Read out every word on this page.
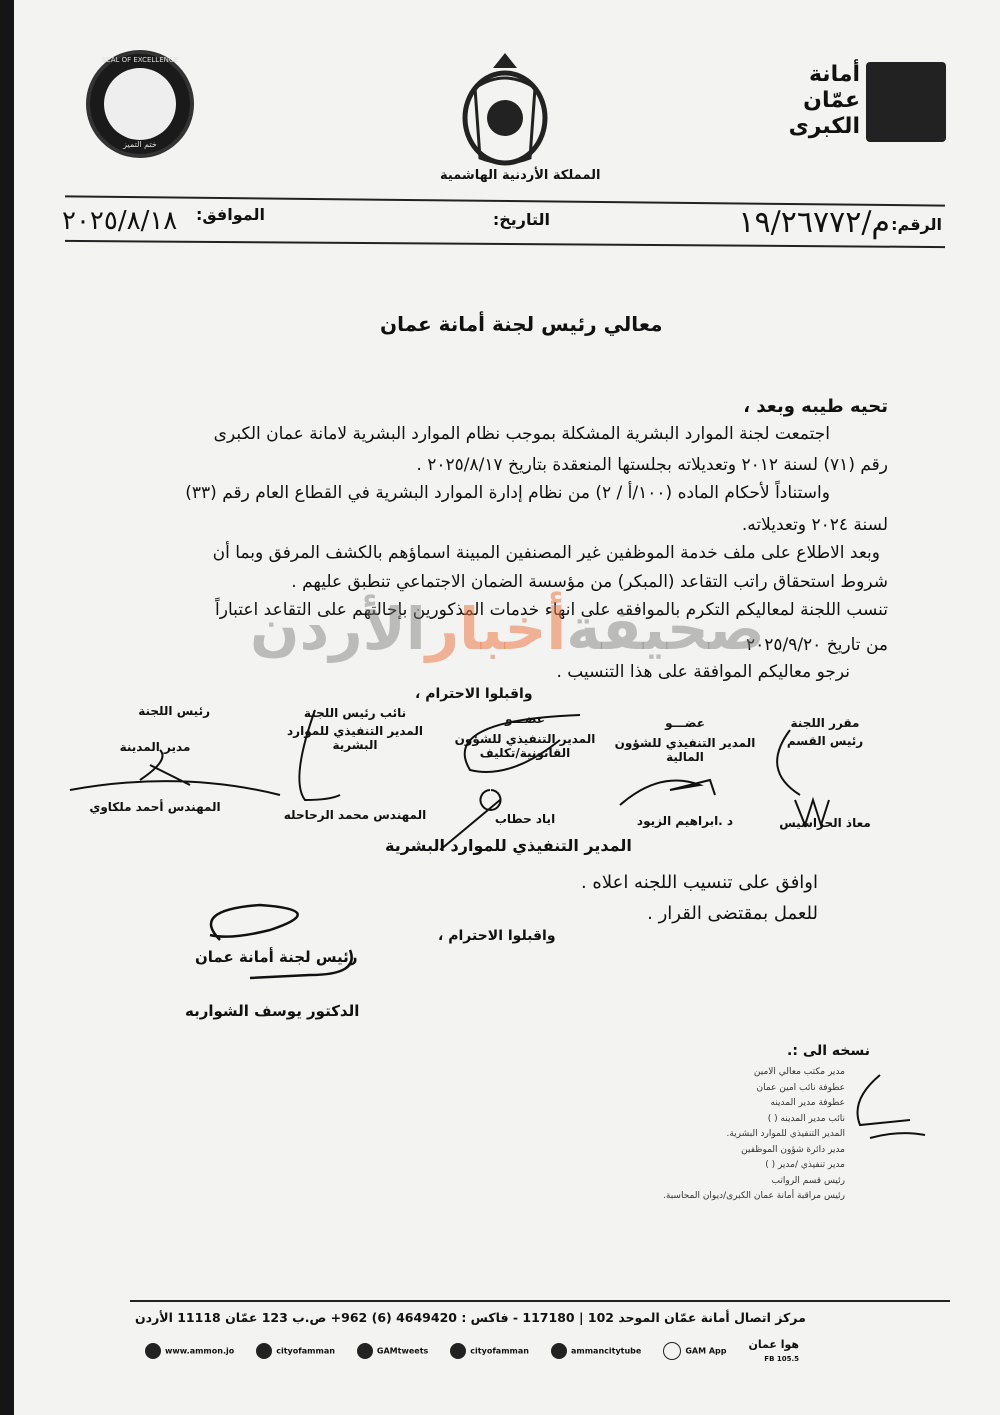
أمانة
عمّان
الكبرى
المملكة الأردنية الهاشمية
SEAL OF EXCELLENCE
ختم التميز
الرقم:
م/١٩/٢٦٧٧٢
التاريخ:
الموافق:
٢٠٢٥/٨/١٨
معالي رئيس لجنة أمانة عمان
تحيه طيبه وبعد ،
اجتمعت لجنة الموارد البشرية المشكلة بموجب نظام الموارد البشرية لامانة عمان الكبرى
رقم (٧١) لسنة ٢٠١٢ وتعديلاته بجلستها المنعقدة بتاريخ ٢٠٢٥/٨/١٧ .
واستناداً لأحكام الماده (١٠٠/أ / ٢) من نظام إدارة الموارد البشرية في القطاع العام رقم (٣٣)
لسنة ٢٠٢٤ وتعديلاته.
وبعد الاطلاع على ملف خدمة الموظفين غير المصنفين المبينة اسماؤهم بالكشف المرفق وبما أن
شروط استحقاق راتب التقاعد (المبكر) من مؤسسة الضمان الاجتماعي تنطبق عليهم .
تنسب اللجنة لمعاليكم التكرم بالموافقه على انهاء خدمات المذكورين بإحالتهم على التقاعد اعتباراً
من تاريخ ٢٠٢٥/٩/٢٠
نرجو معاليكم الموافقة على هذا التنسيب .
صحيفةأخبارالأردن
واقبلوا الاحترام ،
مقرر اللجنة
رئيس القسم
معاذ الحراسيس
عضـــو
المدير التنفيذي للشؤون المالية
د .ابراهيم الزيود
عضـــو
المدير التنفيذي للشؤون القانونية/تكليف
اياد حطاب
نائب رئيس اللجنة
المدير التنفيذي للموارد البشرية
المهندس محمد الرحاحله
رئيس اللجنة
مدير المدينة
المهندس أحمد ملكاوي
المدير التنفيذي للموارد البشرية
اوافق على تنسيب اللجنه اعلاه .
للعمل بمقتضى القرار .
واقبلوا الاحترام ،
رئيس لجنة أمانة عمان
الدكتور يوسف الشواربه
نسخه الى :.
مدير مكتب معالي الامين
عطوفة نائب امين عمان
عطوفة مدير المدينه
نائب مدير المدينه ( )
المدير التنفيذي للموارد البشرية.
مدير دائرة شؤون الموظفين
مدير تنفيذي /مدير ( )
رئيس قسم الرواتب
رئيس مراقبة أمانة عمان الكبرى/ديوان المحاسبة.
مركز اتصال أمانة عمّان الموحد 102 | 117180 - فاكس : 4649420 (6) 962+ ص.ب 123 عمّان 11118 الأردن
www.ammon.jo	cityofamman	GAMtweets	cityofamman	ammancitytube	GAM App هوا عمان
105.5 FB
